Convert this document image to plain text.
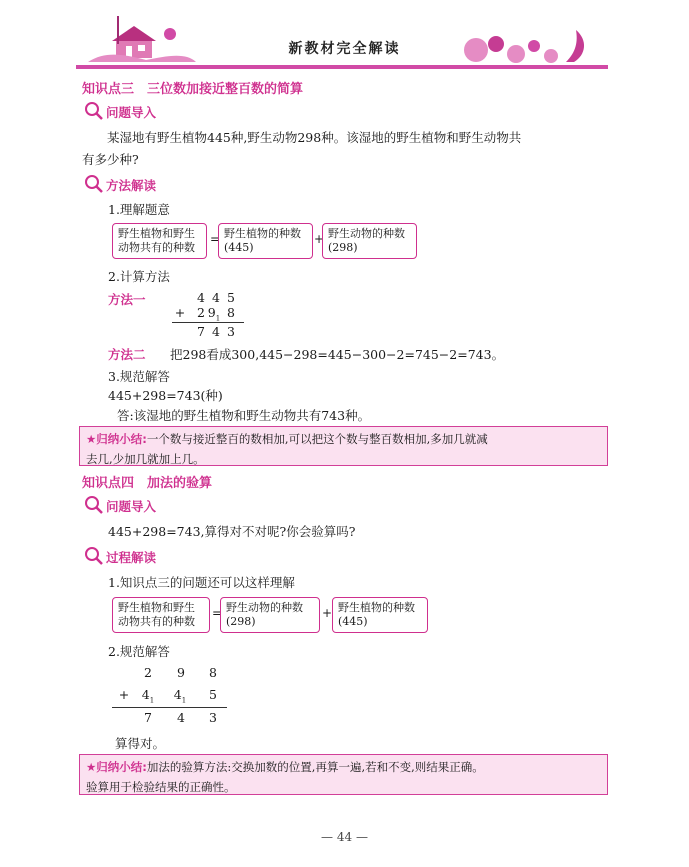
新教材完全解读
知识点三　三位数加接近整百数的简算
问题导入
某湿地有野生植物445种,野生动物298种。该湿地的野生植物和野生动物共
有多少种?
方法解读
1.理解题意
野生植物和野生动物共有的种数
= 野生植物的种数(445)
+ 野生动物的种数(298)
2.计算方法
方法一	4 4 5
+ 2 $9_1$ 8
7 4 3
方法二 把298看成300,445−298=445−300−2=745−2=743。
3.规范解答
445+298=743(种)
答:该湿地的野生植物和野生动物共有743种。
★归纳小结:一个数与接近整百的数相加,可以把这个数与整百数相加,多加几就减
去几,少加几就加上几。
知识点四　加法的验算
问题导入
445+298=743,算得对不对呢?你会验算吗?
过程解读
1.知识点三的问题还可以这样理解
野生植物和野生动物共有的种数
= 野生动物的种数(298)
+ 野生植物的种数(445)
2.规范解答
2	9	8
+ $4_1$ $4_1$	5
7	4	3
算得对。
★归纳小结:加法的验算方法:交换加数的位置,再算一遍,若和不变,则结果正确。
验算用于检验结果的正确性。
— 44 —
